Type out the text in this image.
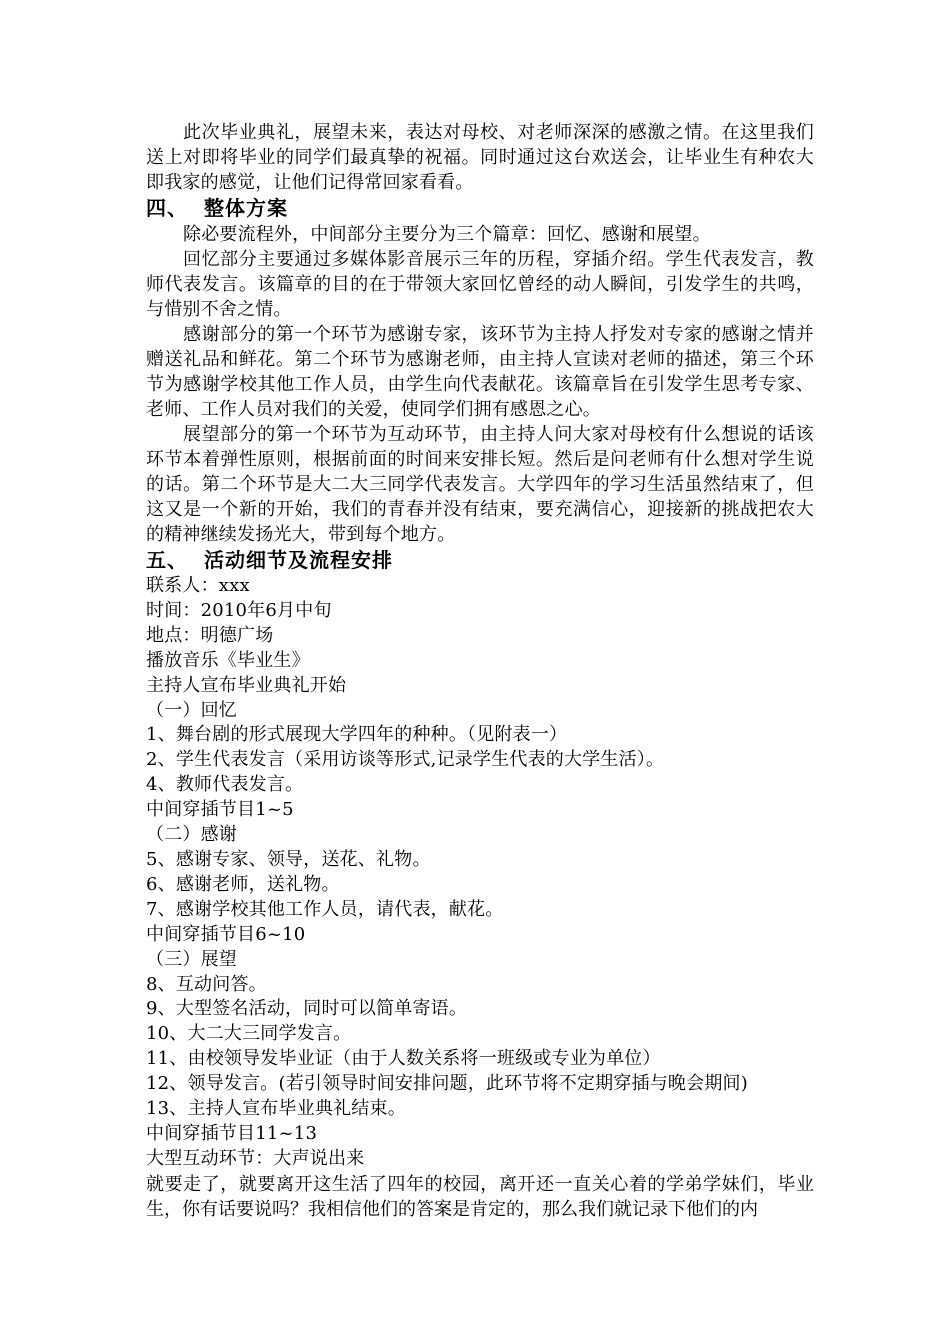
此次毕业典礼，展望未来，表达对母校、对老师深深的感激之情。在这里我们送上对即将毕业的同学们最真挚的祝福。同时通过这台欢送会，让毕业生有种农大即我家的感觉，让他们记得常回家看看。

四、 整体方案

除必要流程外，中间部分主要分为三个篇章：回忆、感谢和展望。

回忆部分主要通过多媒体影音展示三年的历程，穿插介绍。学生代表发言，教师代表发言。该篇章的目的在于带领大家回忆曾经的动人瞬间，引发学生的共鸣，与惜别不舍之情。

感谢部分的第一个环节为感谢专家，该环节为主持人抒发对专家的感谢之情并赠送礼品和鲜花。第二个环节为感谢老师，由主持人宣读对老师的描述，第三个环节为感谢学校其他工作人员，由学生向代表献花。该篇章旨在引发学生思考专家、老师、工作人员对我们的关爱，使同学们拥有感恩之心。

展望部分的第一个环节为互动环节，由主持人问大家对母校有什么想说的话该环节本着弹性原则，根据前面的时间来安排长短。然后是问老师有什么想对学生说的话。第二个环节是大二大三同学代表发言。大学四年的学习生活虽然结束了，但这又是一个新的开始，我们的青春并没有结束，要充满信心，迎接新的挑战把农大的精神继续发扬光大，带到每个地方。

五、 活动细节及流程安排

联系人：xxx

时间：2010年6月中旬

地点：明德广场

播放音乐《毕业生》

主持人宣布毕业典礼开始

（一）回忆

1、舞台剧的形式展现大学四年的种种。（见附表一）

2、学生代表发言（采用访谈等形式,记录学生代表的大学生活）。

4、教师代表发言。

中间穿插节目1~5

（二）感谢

5、感谢专家、领导，送花、礼物。

6、感谢老师，送礼物。

7、感谢学校其他工作人员，请代表，献花。

中间穿插节目6~10

（三）展望

8、互动问答。

9、大型签名活动，同时可以简单寄语。

10、大二大三同学发言。

11、由校领导发毕业证（由于人数关系将一班级或专业为单位）

12、领导发言。(若引领导时间安排问题，此环节将不定期穿插与晚会期间)

13、主持人宣布毕业典礼结束。

中间穿插节目11~13

大型互动环节：大声说出来

就要走了，就要离开这生活了四年的校园，离开还一直关心着的学弟学妹们，毕业生，你有话要说吗？我相信他们的答案是肯定的，那么我们就记录下他们的内
